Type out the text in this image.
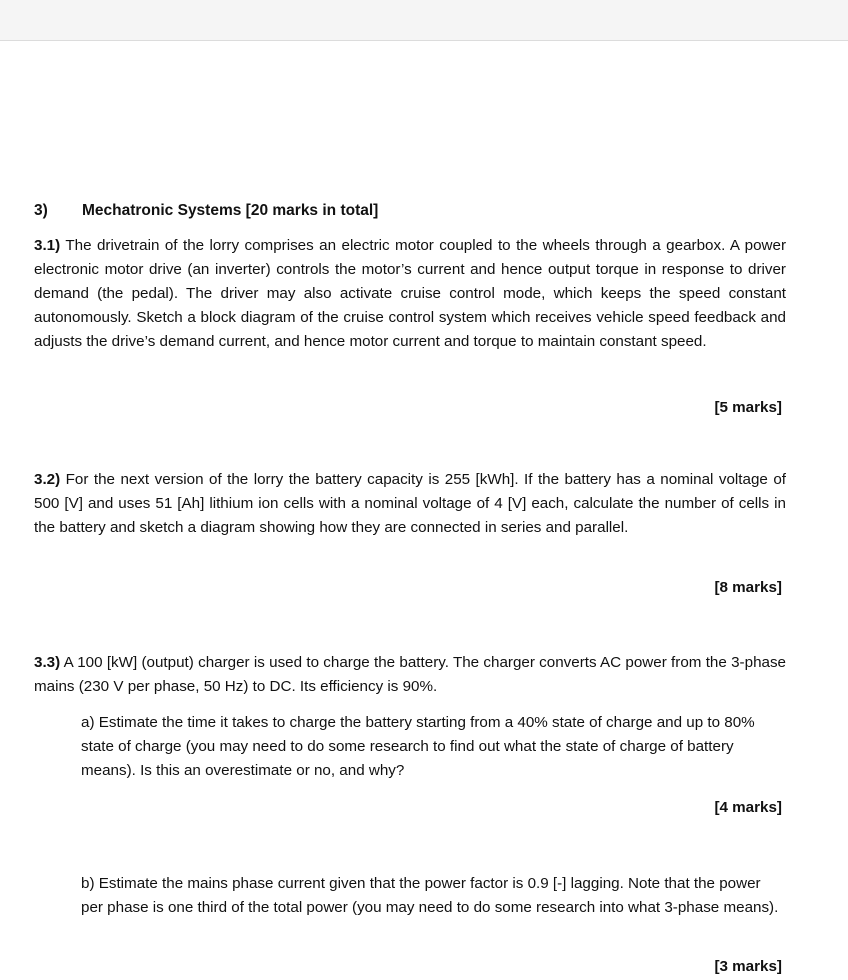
3) Mechatronic Systems [20 marks in total]
3.1) The drivetrain of the lorry comprises an electric motor coupled to the wheels through a gearbox. A power electronic motor drive (an inverter) controls the motor’s current and hence output torque in response to driver demand (the pedal). The driver may also activate cruise control mode, which keeps the speed constant autonomously. Sketch a block diagram of the cruise control system which receives vehicle speed feedback and adjusts the drive’s demand current, and hence motor current and torque to maintain constant speed.
[5 marks]
3.2) For the next version of the lorry the battery capacity is 255 [kWh]. If the battery has a nominal voltage of 500 [V] and uses 51 [Ah] lithium ion cells with a nominal voltage of 4 [V] each, calculate the number of cells in the battery and sketch a diagram showing how they are connected in series and parallel.
[8 marks]
3.3) A 100 [kW] (output) charger is used to charge the battery. The charger converts AC power from the 3-phase mains (230 V per phase, 50 Hz) to DC. Its efficiency is 90%.
a) Estimate the time it takes to charge the battery starting from a 40% state of charge and up to 80% state of charge (you may need to do some research to find out what the state of charge of battery means). Is this an overestimate or no, and why?
[4 marks]
b) Estimate the mains phase current given that the power factor is 0.9 [-] lagging. Note that the power per phase is one third of the total power (you may need to do some research into what 3-phase means).
[3 marks]
